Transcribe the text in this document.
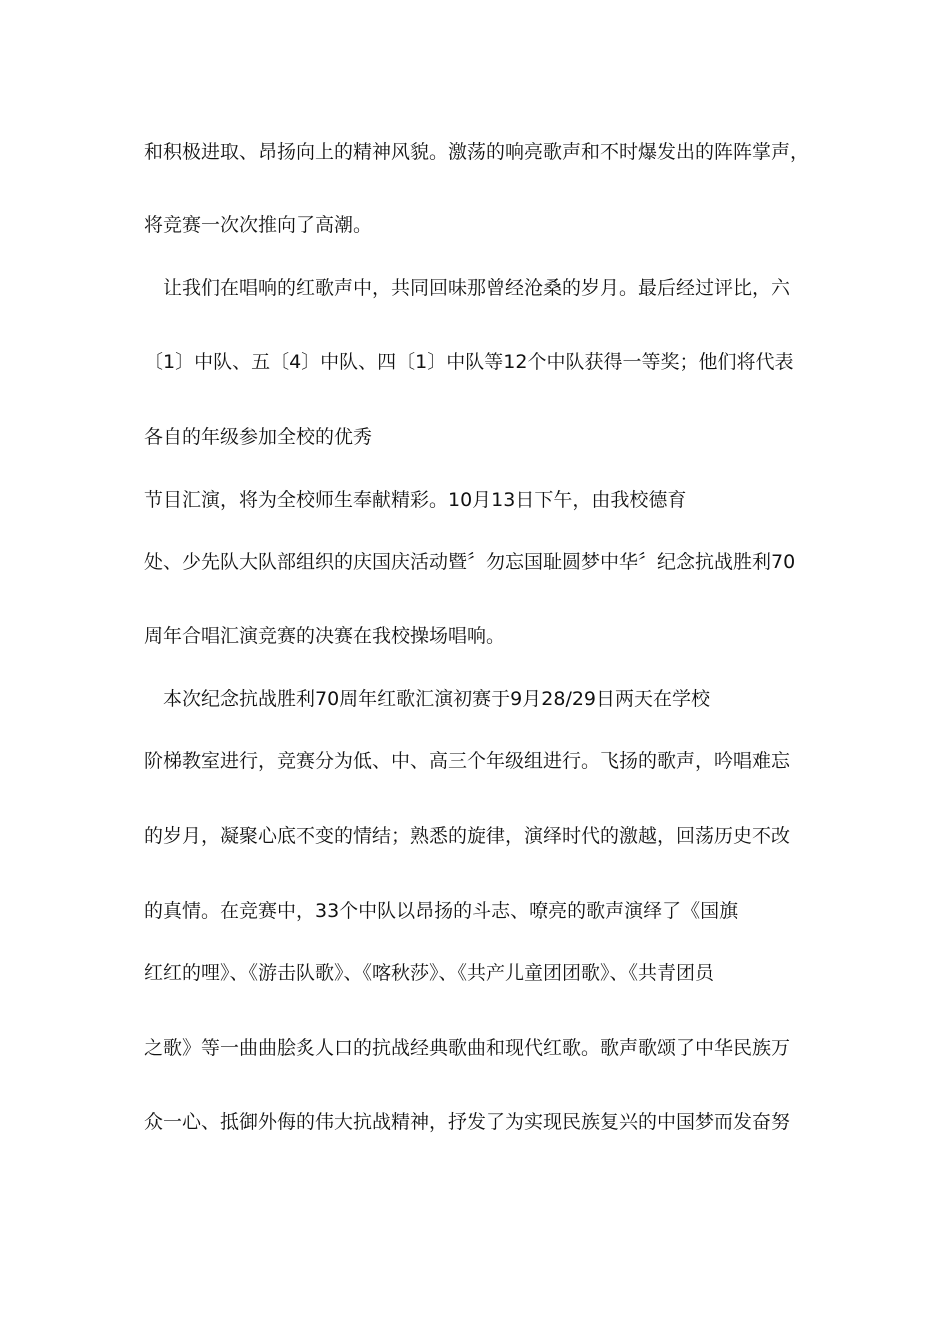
和积极进取、昂扬向上的精神风貌。激荡的响亮歌声和不时爆发出的阵阵掌声，

将竞赛一次次推向了高潮。

让我们在唱响的红歌声中，共同回味那曾经沧桑的岁月。最后经过评比，六

〔1〕中队、五〔4〕中队、四〔1〕中队等12个中队获得一等奖；他们将代表

各自的年级参加全校的优秀

节目汇演，将为全校师生奉献精彩。10月13日下午，由我校德育

处、少先队大队部组织的庆国庆活动暨〞勿忘国耻圆梦中华〞纪念抗战胜利70

周年合唱汇演竞赛的决赛在我校操场唱响。

本次纪念抗战胜利70周年红歌汇演初赛于9月28/29日两天在学校

阶梯教室进行，竞赛分为低、中、高三个年级组进行。飞扬的歌声，吟唱难忘

的岁月，凝聚心底不变的情结；熟悉的旋律，演绎时代的激越，回荡历史不改

的真情。在竞赛中，33个中队以昂扬的斗志、嘹亮的歌声演绎了《国旗

红红的哩》、《游击队歌》、《喀秋莎》、《共产儿童团团歌》、《共青团员

之歌》等一曲曲脍炙人口的抗战经典歌曲和现代红歌。歌声歌颂了中华民族万

众一心、抵御外侮的伟大抗战精神，抒发了为实现民族复兴的中国梦而发奋努
